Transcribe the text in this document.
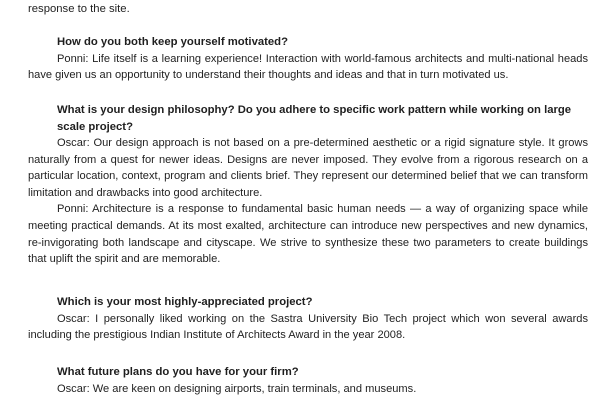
response to the site.

How do you both keep yourself motivated?

Ponni: Life itself is a learning experience! Interaction with world-famous architects and multi-national heads have given us an opportunity to understand their thoughts and ideas and that in turn motivated us.

What is your design philosophy? Do you adhere to specific work pattern while working on large scale project?

Oscar: Our design approach is not based on a pre-determined aesthetic or a rigid signature style. It grows naturally from a quest for newer ideas. Designs are never imposed. They evolve from a rigorous research on a particular location, context, program and clients brief. They represent our determined belief that we can transform limitation and drawbacks into good architecture.

Ponni: Architecture is a response to fundamental basic human needs — a way of organizing space while meeting practical demands. At its most exalted, architecture can introduce new perspectives and new dynamics, re-invigorating both landscape and cityscape. We strive to synthesize these two parameters to create buildings that uplift the spirit and are memorable.

Which is your most highly-appreciated project?

Oscar: I personally liked working on the Sastra University Bio Tech project which won several awards including the prestigious Indian Institute of Architects Award in the year 2008.

What future plans do you have for your firm?

Oscar: We are keen on designing airports, train terminals, and museums.
